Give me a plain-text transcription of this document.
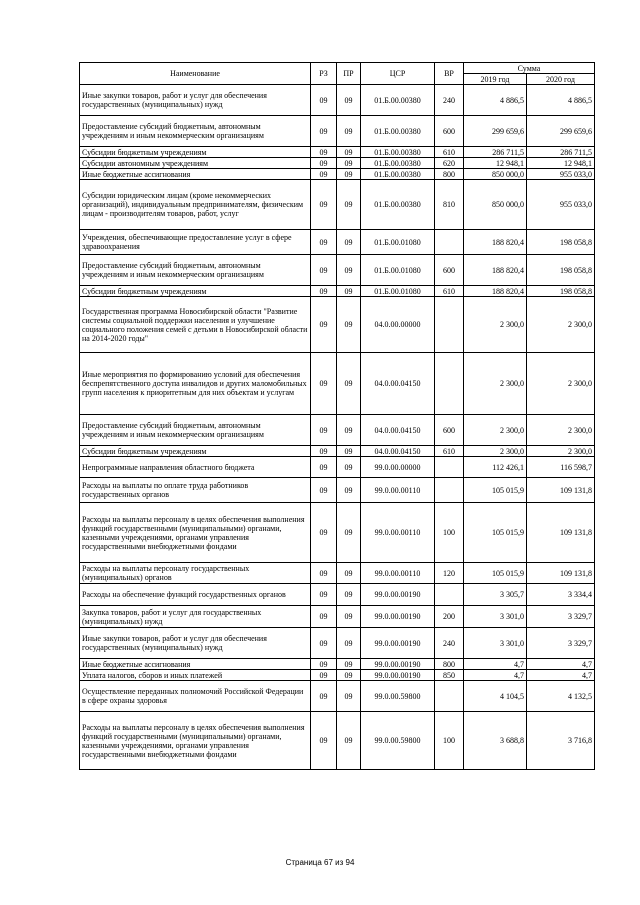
Наименование	РЗ	ПР	ЦСР	ВР	Сумма	
					2019 год	2020 год
Иные закупки товаров, работ и услуг для обеспечения государственных (муниципальных) нужд	09	09	01.Б.00.00380	240	4 886,5	4 886,5
Предоставление субсидий бюджетным, автономным учреждениям и иным некоммерческим организациям	09	09	01.Б.00.00380	600	299 659,6	299 659,6
Субсидии бюджетным учреждениям	09	09	01.Б.00.00380	610	286 711,5	286 711,5
Субсидии автономным учреждениям	09	09	01.Б.00.00380	620	12 948,1	12 948,1
Иные бюджетные ассигнования	09	09	01.Б.00.00380	800	850 000,0	955 033,0
Субсидии юридическим лицам (кроме некоммерческих организаций), индивидуальным предпринимателям, физическим лицам - производителям товаров, работ, услуг	09	09	01.Б.00.00380	810	850 000,0	955 033,0
Учреждения, обеспечивающие предоставление услуг в сфере здравоохранения	09	09	01.Б.00.01080		188 820,4	198 058,8
Предоставление субсидий бюджетным, автономным учреждениям и иным некоммерческим организациям	09	09	01.Б.00.01080	600	188 820,4	198 058,8
Субсидии бюджетным учреждениям	09	09	01.Б.00.01080	610	188 820,4	198 058,8
Государственная программа Новосибирской области "Развитие системы социальной поддержки населения и улучшение социального положения семей с детьми в Новосибирской области на 2014-2020 годы"	09	09	04.0.00.00000		2 300,0	2 300,0
Иные мероприятия по формированию условий для обеспечения беспрепятственного доступа инвалидов и других маломобильных групп населения к приоритетным для них объектам и услугам	09	09	04.0.00.04150		2 300,0	2 300,0
Предоставление субсидий бюджетным, автономным учреждениям и иным некоммерческим организациям	09	09	04.0.00.04150	600	2 300,0	2 300,0
Субсидии бюджетным учреждениям	09	09	04.0.00.04150	610	2 300,0	2 300,0
Непрограммные направления областного бюджета	09	09	99.0.00.00000		112 426,1	116 598,7
Расходы на выплаты по оплате труда работников государственных органов	09	09	99.0.00.00110		105 015,9	109 131,8
Расходы на выплаты персоналу в целях обеспечения выполнения функций государственными (муниципальными) органами, казенными учреждениями, органами управления государственными внебюджетными фондами	09	09	99.0.00.00110	100	105 015,9	109 131,8
Расходы на выплаты персоналу государственных (муниципальных) органов	09	09	99.0.00.00110	120	105 015,9	109 131,8
Расходы на обеспечение функций государственных органов	09	09	99.0.00.00190		3 305,7	3 334,4
Закупка товаров, работ и услуг для государственных (муниципальных) нужд	09	09	99.0.00.00190	200	3 301,0	3 329,7
Иные закупки товаров, работ и услуг для обеспечения государственных (муниципальных) нужд	09	09	99.0.00.00190	240	3 301,0	3 329,7
Иные бюджетные ассигнования	09	09	99.0.00.00190	800	4,7	4,7
Уплата налогов, сборов и иных платежей	09	09	99.0.00.00190	850	4,7	4,7
Осуществление переданных полномочий Российской Федерации в сфере охраны здоровья	09	09	99.0.00.59800		4 104,5	4 132,5
Расходы на выплаты персоналу в целях обеспечения выполнения функций государственными (муниципальными) органами, казенными учреждениями, органами управления государственными внебюджетными фондами	09	09	99.0.00.59800	100	3 688,8	3 716,8
Страница 67 из 94
